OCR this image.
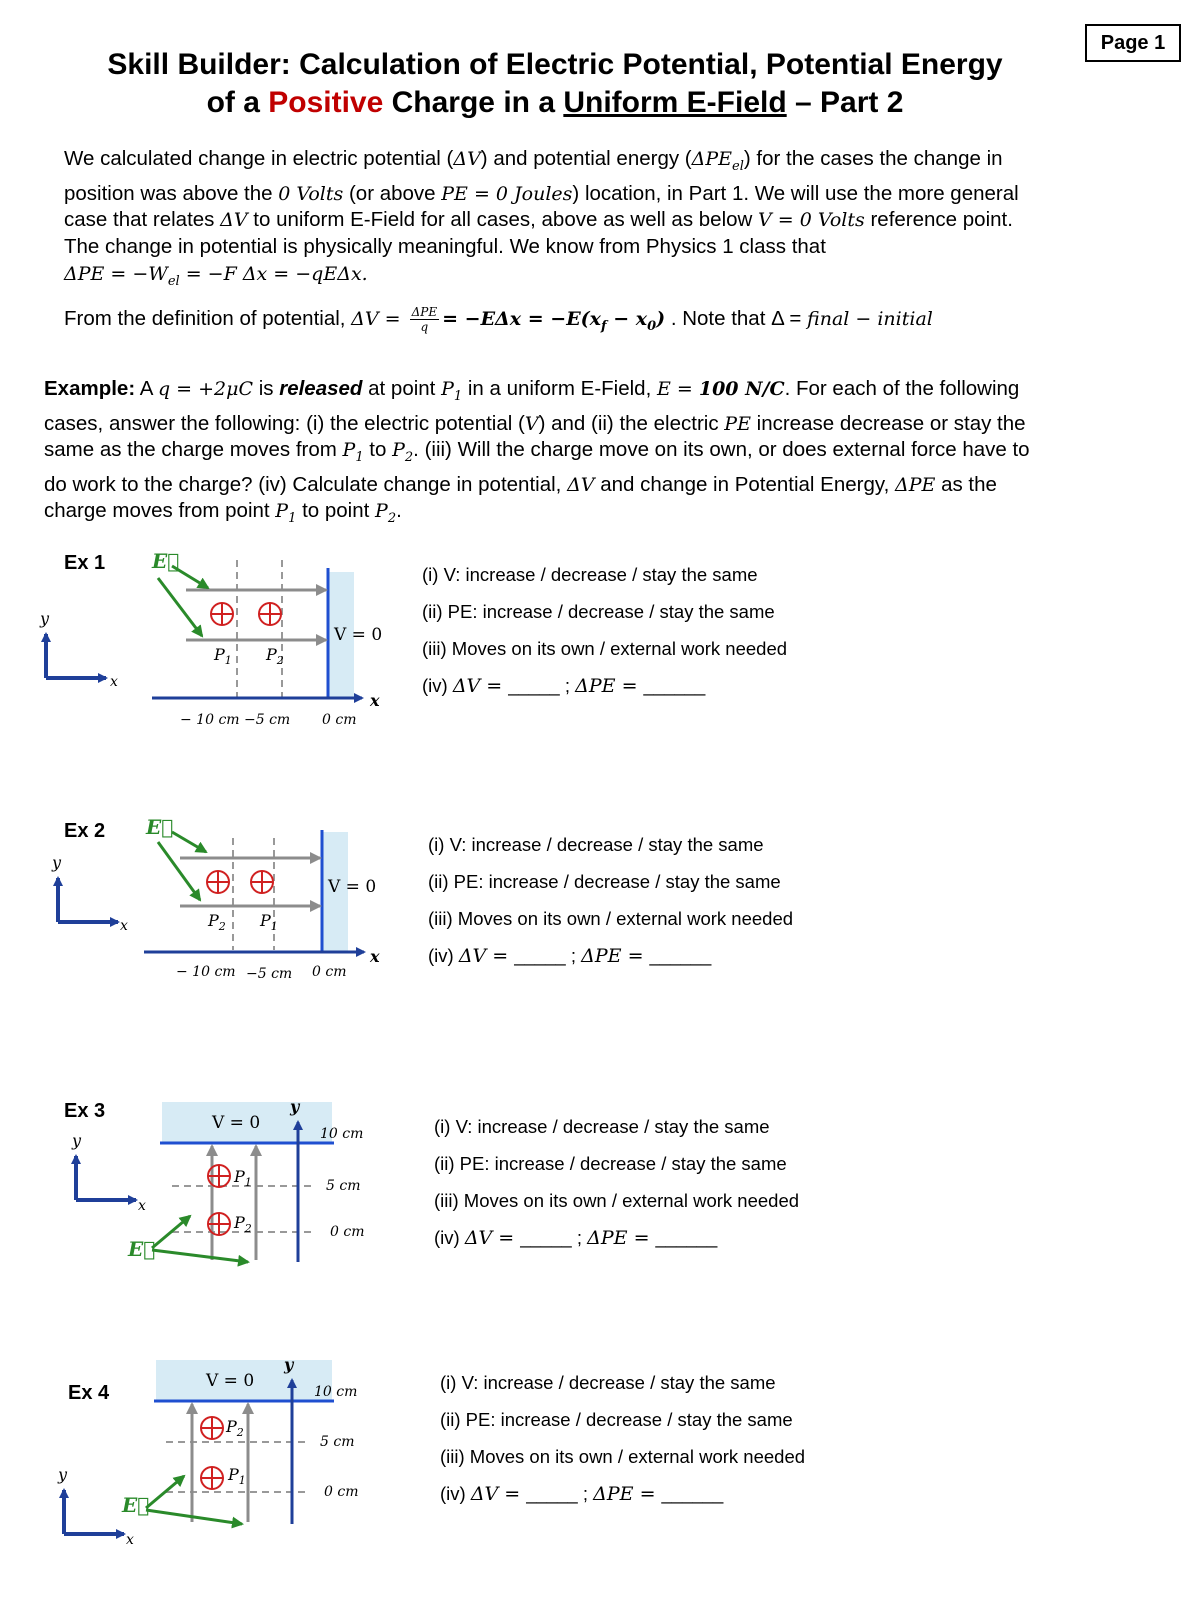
Page 1
Skill Builder: Calculation of Electric Potential, Potential Energy
of a Positive Charge in a Uniform E-Field – Part 2
We calculated change in electric potential (ΔV) and potential energy $(\Delta PE_{el})$ for the cases the change in
position was above the 0 Volts (or above PE = 0 Joules) location, in Part 1. We will use the more general
case that relates ΔV to uniform E-Field for all cases, above as well as below V = 0 Volts reference point.
The change in potential is physically meaningful. We know from Physics 1 class that
$\Delta PE = -W_{el} = -F$ Δx = −qEΔx.
From the definition of potential, $\Delta V = \frac{\text{ΔPE}}{q} = -E\Delta x = -E(x_f - x_0)$ . Note that Δ = final − initial
Example: A q = +2μC is released at point $P_1$ in a uniform E-Field, E = 100 N/C. For each of the following
cases, answer the following: (i) the electric potential (V) and (ii) the electric PE increase decrease or stay the
same as the charge moves from $P_1$ to $P_2$. (iii) Will the charge move on its own, or does external force have to
do work to the charge? (iv) Calculate change in potential, ΔV and change in Potential Energy, ΔPE as the
charge moves from point $P_1$ to point $P_2$.
Ex 1
Ex 2
Ex 3
Ex 4
(i) V: increase / decrease / stay the same
(ii) PE: increase / decrease / stay the same
(iii) Moves on its own / external work needed
(iv) ΔV = _____ ; ΔPE = ______
(i) V: increase / decrease / stay the same
(ii) PE: increase / decrease / stay the same
(iii) Moves on its own / external work needed
(iv) ΔV = _____ ; ΔPE = ______
(i) V: increase / decrease / stay the same
(ii) PE: increase / decrease / stay the same
(iii) Moves on its own / external work needed
(iv) ΔV = _____ ; ΔPE = ______
(i) V: increase / decrease / stay the same
(ii) PE: increase / decrease / stay the same
(iii) Moves on its own / external work needed
(iv) ΔV = _____ ; ΔPE = ______
E⃗
$P_1$ $P_2$
V = 0
x
− 10 cm −5 cm 0 cm
y
x
E⃗
$P_2$ $P_1$
V = 0
x
− 10 cm −5 cm 0 cm
y
x
V = 0
y
10 cm
5 cm
0 cm
$P_1$
$P_2$
E⃗
y
x
V = 0
y
10 cm
5 cm
0 cm
$P_2$
$P_1$
E⃗
y
x
